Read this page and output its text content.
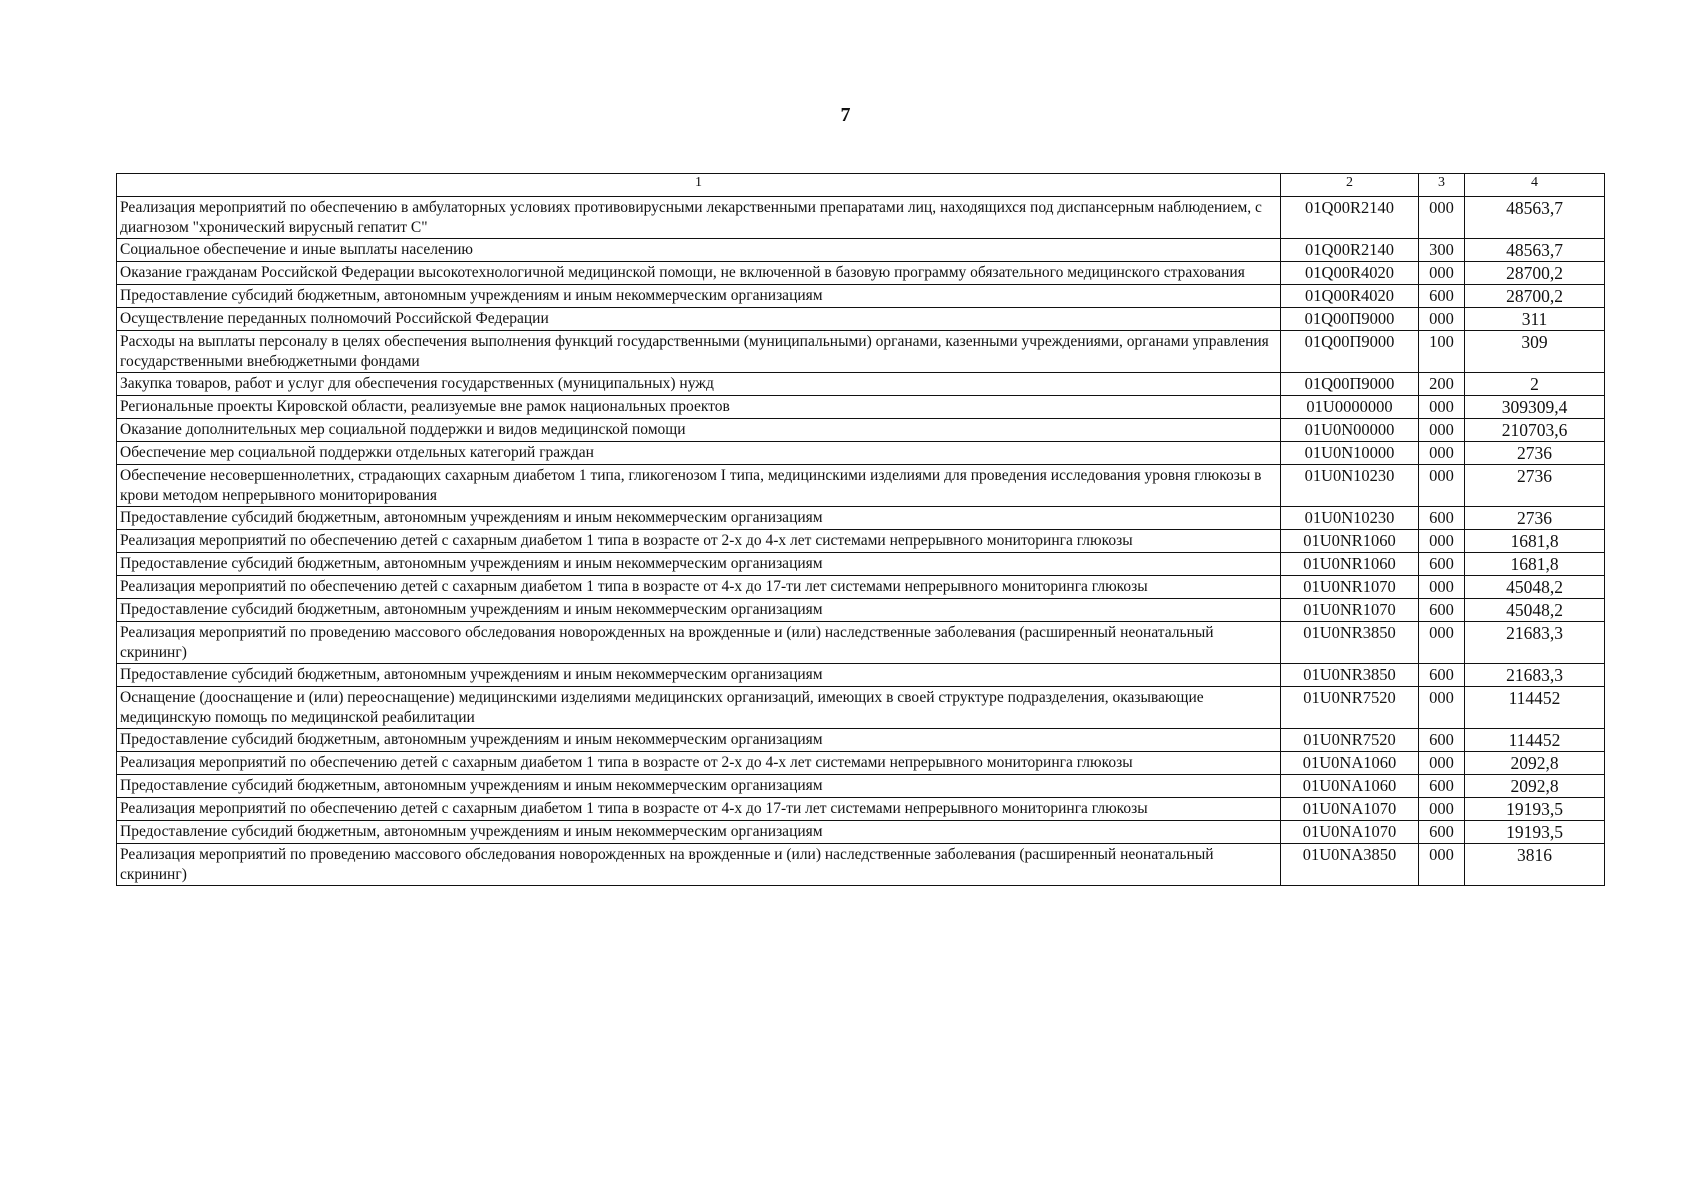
7
1	2	3	4
Реализация мероприятий по обеспечению в амбулаторных условиях противовирусными лекарственными препаратами лиц, находящихся под диспансерным наблюдением, с диагнозом "хронический вирусный гепатит С"	01Q00R2140	000	48563,7
Социальное обеспечение и иные выплаты населению	01Q00R2140	300	48563,7
Оказание гражданам Российской Федерации высокотехнологичной медицинской помощи, не включенной в базовую программу обязательного медицинского страхования	01Q00R4020	000	28700,2
Предоставление субсидий бюджетным, автономным учреждениям и иным некоммерческим организациям	01Q00R4020	600	28700,2
Осуществление переданных полномочий Российской Федерации	01Q00П9000	000	311
Расходы на выплаты персоналу в целях обеспечения выполнения функций государственными (муниципальными) органами, казенными учреждениями, органами управления государственными внебюджетными фондами	01Q00П9000	100	309
Закупка товаров, работ и услуг для обеспечения государственных (муниципальных) нужд	01Q00П9000	200	2
Региональные проекты Кировской области, реализуемые вне рамок национальных проектов	01U0000000	000	309309,4
Оказание дополнительных мер социальной поддержки и видов медицинской помощи	01U0N00000	000	210703,6
Обеспечение мер социальной поддержки отдельных категорий граждан	01U0N10000	000	2736
Обеспечение несовершеннолетних, страдающих сахарным диабетом 1 типа, гликогенозом I типа, медицинскими изделиями для проведения исследования уровня глюкозы в крови методом непрерывного мониторирования	01U0N10230	000	2736
Предоставление субсидий бюджетным, автономным учреждениям и иным некоммерческим организациям	01U0N10230	600	2736
Реализация мероприятий по обеспечению детей с сахарным диабетом 1 типа в возрасте от 2-х до 4-х лет системами непрерывного мониторинга глюкозы	01U0NR1060	000	1681,8
Предоставление субсидий бюджетным, автономным учреждениям и иным некоммерческим организациям	01U0NR1060	600	1681,8
Реализация мероприятий по обеспечению детей с сахарным диабетом 1 типа в возрасте от 4-х до 17-ти лет системами непрерывного мониторинга глюкозы	01U0NR1070	000	45048,2
Предоставление субсидий бюджетным, автономным учреждениям и иным некоммерческим организациям	01U0NR1070	600	45048,2
Реализация мероприятий по проведению массового обследования новорожденных на врожденные и (или) наследственные заболевания (расширенный неонатальный скрининг)	01U0NR3850	000	21683,3
Предоставление субсидий бюджетным, автономным учреждениям и иным некоммерческим организациям	01U0NR3850	600	21683,3
Оснащение (дооснащение и (или) переоснащение) медицинскими изделиями медицинских организаций, имеющих в своей структуре подразделения, оказывающие медицинскую помощь по медицинской реабилитации	01U0NR7520	000	114452
Предоставление субсидий бюджетным, автономным учреждениям и иным некоммерческим организациям	01U0NR7520	600	114452
Реализация мероприятий по обеспечению детей с сахарным диабетом 1 типа в возрасте от 2-х до 4-х лет системами непрерывного мониторинга глюкозы	01U0NA1060	000	2092,8
Предоставление субсидий бюджетным, автономным учреждениям и иным некоммерческим организациям	01U0NA1060	600	2092,8
Реализация мероприятий по обеспечению детей с сахарным диабетом 1 типа в возрасте от 4-х до 17-ти лет системами непрерывного мониторинга глюкозы	01U0NA1070	000	19193,5
Предоставление субсидий бюджетным, автономным учреждениям и иным некоммерческим организациям	01U0NA1070	600	19193,5
Реализация мероприятий по проведению массового обследования новорожденных на врожденные и (или) наследственные заболевания (расширенный неонатальный скрининг)	01U0NA3850	000	3816
